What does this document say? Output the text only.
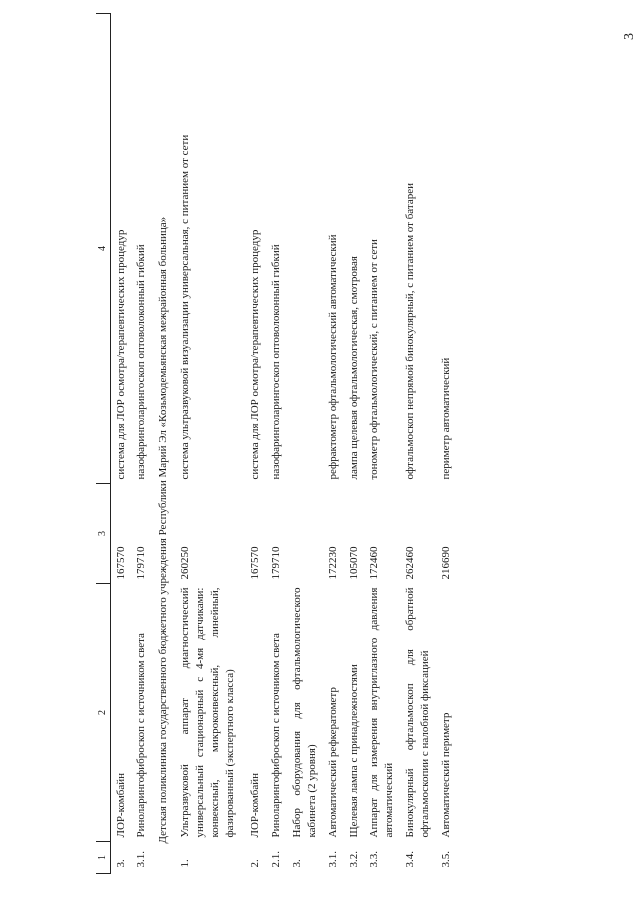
3
1	2	3	4
3.	ЛОР-комбайн	167570	система для ЛОР осмотра/терапевтических процедур
3.1.	Риноларингофиброскоп с источником света	179710	назофаринголарингоскоп оптоволоконный гибкий
Детская поликлиника государственного бюджетного учреждения Республики Марий Эл «Козьмодемьянская межрайонная больница»			
1.	Ультразвуковой аппарат диагностический универсальный стационарный с 4-мя датчиками: конвексный, микроконвексный, линейный, фазированный (экспертного класса)	260250	система ультразвуковой визуализации универсальная, с питанием от сети
2.	ЛОР-комбайн	167570	система для ЛОР осмотра/терапевтических процедур
2.1.	Риноларингофиброскоп с источником света	179710	назофаринголарингоскоп оптоволоконный гибкий
3.	Набор оборудования для офтальмологического кабинета (2 уровня)		
3.1.	Автоматический рефкератометр	172230	рефрактометр офтальмологический автоматический
3.2.	Щелевая лампа с принадлежностями	105070	лампа щелевая офтальмологическая, смотровая
3.3.	Аппарат для измерения внутриглазного давления автоматический	172460	тонометр офтальмологический, с питанием от сети
3.4.	Бинокулярный офтальмоскоп для обратной офтальмоскопии с налобной фиксацией	262460	офтальмоскоп непрямой бинокулярный, с питанием от батареи
3.5.	Автоматический периметр	216690	периметр автоматический
